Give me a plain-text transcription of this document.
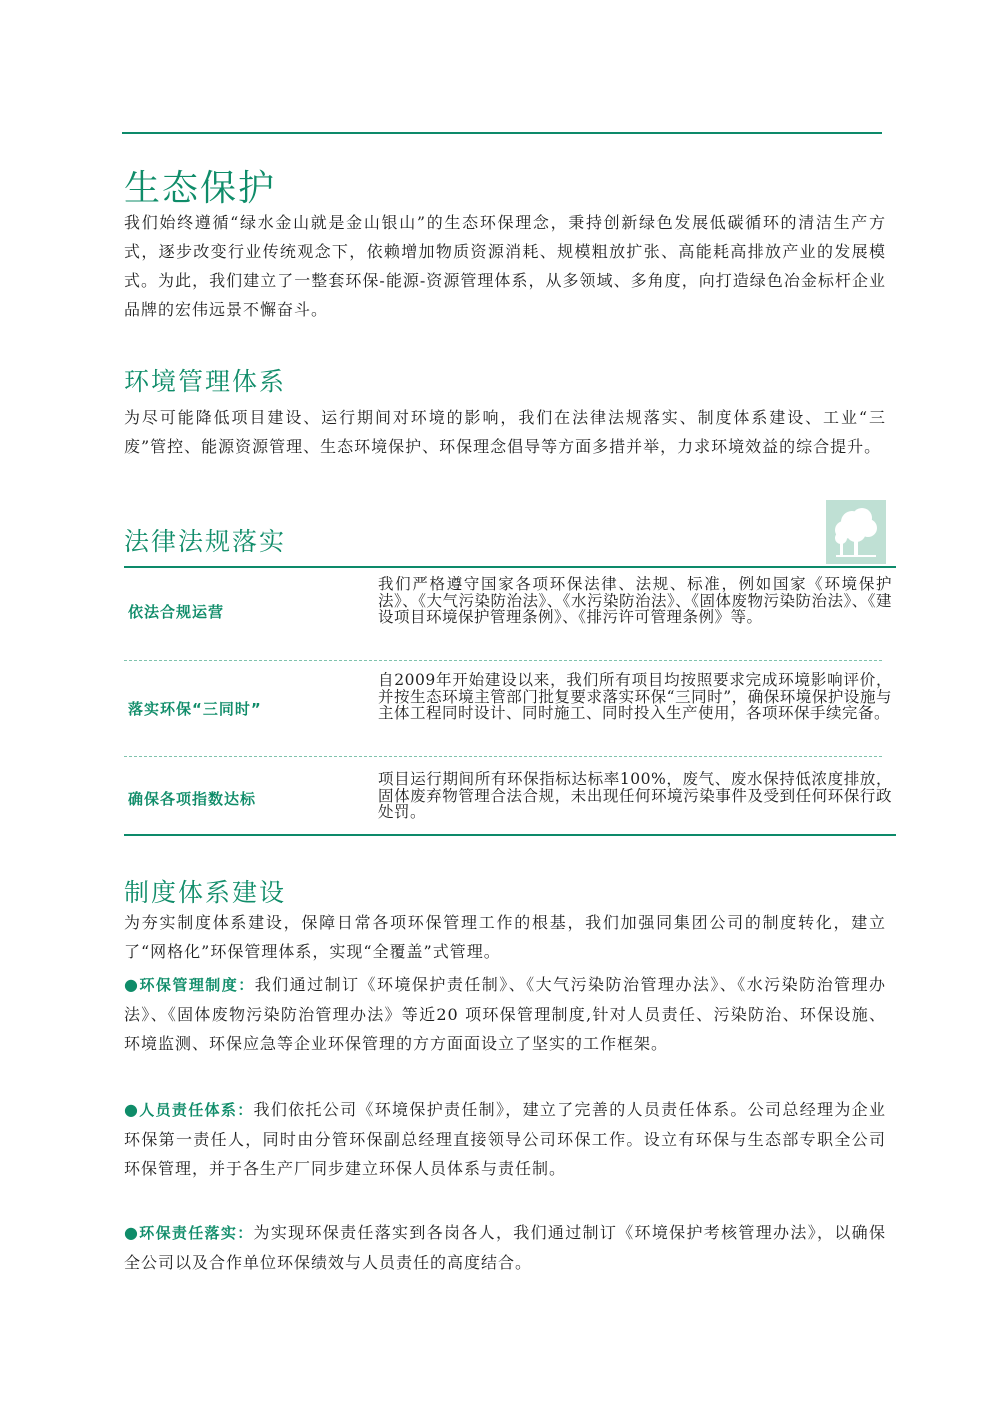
生态保护

我们始终遵循“绿水金山就是金山银山”的生态环保理念，秉持创新绿色发展低碳循环的清洁生产方式，逐步改变行业传统观念下，依赖增加物质资源消耗、规模粗放扩张、高能耗高排放产业的发展模式。为此，我们建立了一整套环保-能源-资源管理体系，从多领域、多角度，向打造绿色冶金标杆企业品牌的宏伟远景不懈奋斗。

环境管理体系

为尽可能降低项目建设、运行期间对环境的影响，我们在法律法规落实、制度体系建设、工业“三废”管控、能源资源管理、生态环境保护、环保理念倡导等方面多措并举，力求环境效益的综合提升。

法律法规落实

依法合规运营

我们严格遵守国家各项环保法律、法规、标准，例如国家《环境保护法》、《大气污染防治法》、《水污染防治法》、《固体废物污染防治法》、《建设项目环境保护管理条例》、《排污许可管理条例》等。

落实环保“三同时”

自2009年开始建设以来，我们所有项目均按照要求完成环境影响评价，并按生态环境主管部门批复要求落实环保“三同时”，确保环境保护设施与主体工程同时设计、同时施工、同时投入生产使用，各项环保手续完备。

确保各项指数达标

项目运行期间所有环保指标达标率100%，废气、废水保持低浓度排放，固体废弃物管理合法合规，未出现任何环境污染事件及受到任何环保行政处罚。

制度体系建设

为夯实制度体系建设，保障日常各项环保管理工作的根基，我们加强同集团公司的制度转化，建立了“网格化”环保管理体系，实现“全覆盖”式管理。

●环保管理制度：我们通过制订《环境保护责任制》、《大气污染防治管理办法》、《水污染防治管理办法》、《固体废物污染防治管理办法》等近20 项环保管理制度,针对人员责任、污染防治、环保设施、环境监测、环保应急等企业环保管理的方方面面设立了坚实的工作框架。

●人员责任体系：我们依托公司《环境保护责任制》，建立了完善的人员责任体系。公司总经理为企业环保第一责任人，同时由分管环保副总经理直接领导公司环保工作。设立有环保与生态部专职全公司环保管理，并于各生产厂同步建立环保人员体系与责任制。

●环保责任落实：为实现环保责任落实到各岗各人，我们通过制订《环境保护考核管理办法》，以确保全公司以及合作单位环保绩效与人员责任的高度结合。
